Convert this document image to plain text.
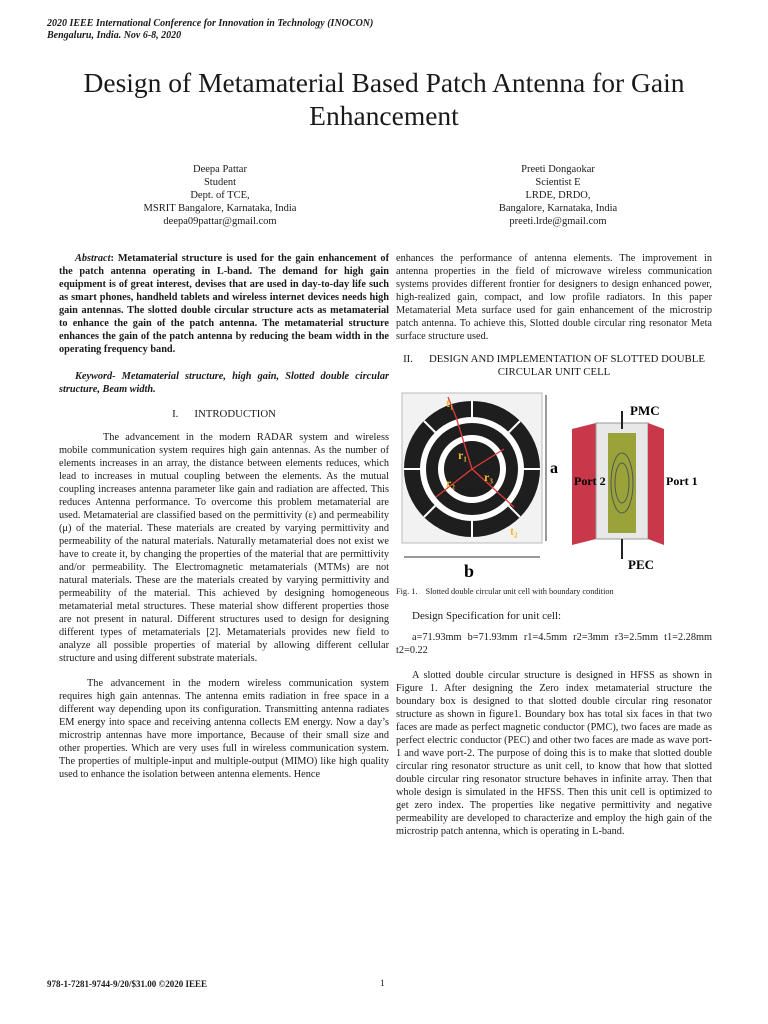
2020 IEEE International Conference for Innovation in Technology (INOCON)
Bengaluru, India. Nov 6-8, 2020
Design of Metamaterial Based Patch Antenna for Gain Enhancement
Deepa Pattar
Student
Dept. of TCE,
MSRIT Bangalore, Karnataka, India
deepa09pattar@gmail.com
Preeti Dongaokar
Scientist E
LRDE, DRDO,
Bangalore, Karnataka, India
preeti.lrde@gmail.com

Abstract: Metamaterial structure is used for the gain enhancement of the patch antenna operating in L-band. The demand for high gain equipment is of great interest, devises that are used in day-to-day life such as smart phones, handheld tablets and wireless internet devices needs high gain antennas. The slotted double circular structure acts as metamaterial to enhance the gain of the patch antenna. The metamaterial structure enhances the gain of the patch antenna by reducing the beam width in the operating frequency band.

Keyword- Metamaterial structure, high gain, Slotted double circular structure, Beam width.

I. INTRODUCTION

The advancement in the modern RADAR system and wireless mobile communication system requires high gain antennas. As the number of elements increases in an array, the distance between elements reduces, which lead to increases in mutual coupling between the elements. As the mutual coupling increases antenna parameter like gain and radiation are affected. This reduces Antenna performance. To overcome this problem metamaterial are used. Metamaterial are classified based on the permittivity (ε) and permeability (μ) of the material. These materials are created by varying permittivity and permeability of the natural materials. Naturally metamaterial does not exist we have to create it, by changing the properties of the material that are permittivity and/or permeability. The Electromagnetic metamaterials (MTMs) are not natural materials. These are the materials created by varying permittivity and permeability of the material. This achieved by designing homogeneous metamaterial metal structures. These material show different properties those are not present in natural. Different structures used to design for designing different types of metamaterials [2]. Metamaterials provides new field to analyze all possible properties of material by allowing different cellular structure and using different substrate materials.

The advancement in the modern wireless communication system requires high gain antennas. The antenna emits radiation in free space in a different way depending upon its configuration. Transmitting antenna radiates EM energy into space and receiving antenna collects EM energy. Now a day’s microstrip antennas have more importance, Because of their small size and other properties. Which are very uses full in wireless communication system. The properties of multiple-input and multiple-output (MIMO) like high quality used to enhance the isolation between antenna elements. Hence

enhances the performance of antenna elements. The improvement in antenna properties in the field of microwave wireless communication systems provides different frontier for designers to design enhanced power, high-realized gain, compact, and low profile radiators. In this paper Metamaterial Meta surface used for gain enhancement of the microstrip patch antenna. To achieve this, Slotted double circular ring resonator Meta surface structure used.

II. DESIGN AND IMPLEMENTATION OF SLOTTED DOUBLE CIRCULAR UNIT CELL
t₁
r₁
r₂ r₃
t₂
a
b
PMC
PEC
Port 2	Port 1
Fig. 1. Slotted double circular unit cell with boundary condition
Design Specification for unit cell:

a=71.93mm b=71.93mm r1=4.5mm r2=3mm r3=2.5mm t1=2.28mm t2=0.22

A slotted double circular structure is designed in HFSS as shown in Figure 1. After designing the Zero index metamaterial structure the boundary box is designed to that slotted double circular ring resonator structure as shown in figure1. Boundary box has total six faces in that two faces are made as perfect magnetic conductor (PMC), two faces are made as perfect electric conductor (PEC) and other two faces are made as wave port-1 and wave port-2. The purpose of doing this is to make that slotted double circular ring resonator structure as unit cell, to know that how that slotted double circular ring resonator structure behaves in infinite array. Then that whole design is simulated in the HFSS. Then this unit cell is optimized to get zero index. The properties like negative permittivity and negative permeability are developed to characterize and employ the high gain of the microstrip patch antenna, which is operating in L-band.

978-1-7281-9744-9/20/$31.00 ©2020 IEEE	1
